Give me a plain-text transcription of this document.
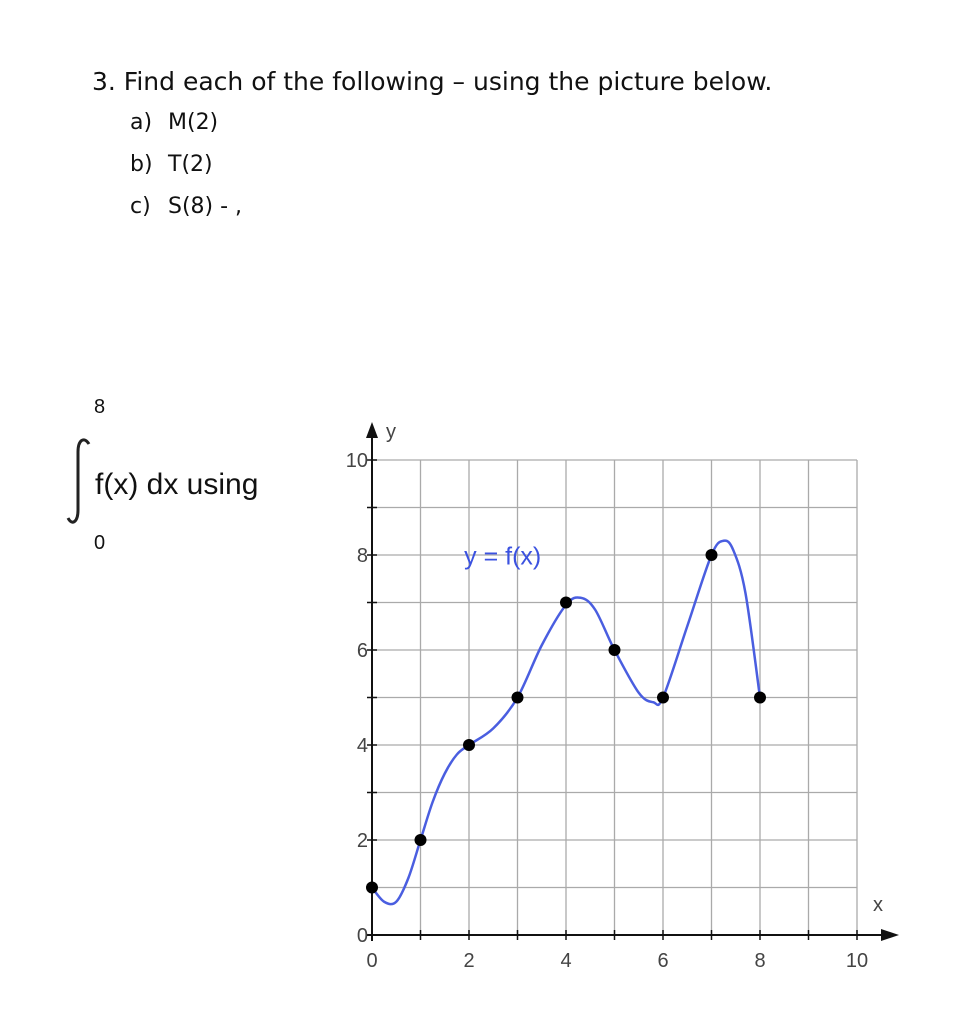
3. Find each of the following – using the picture below.
a) M(2)
b) T(2)
c) S(8) - ,
8
f(x) dx using
0
0	2	4	6	8	10
0
2
4
6
8
10
y = f(x)
y
x
